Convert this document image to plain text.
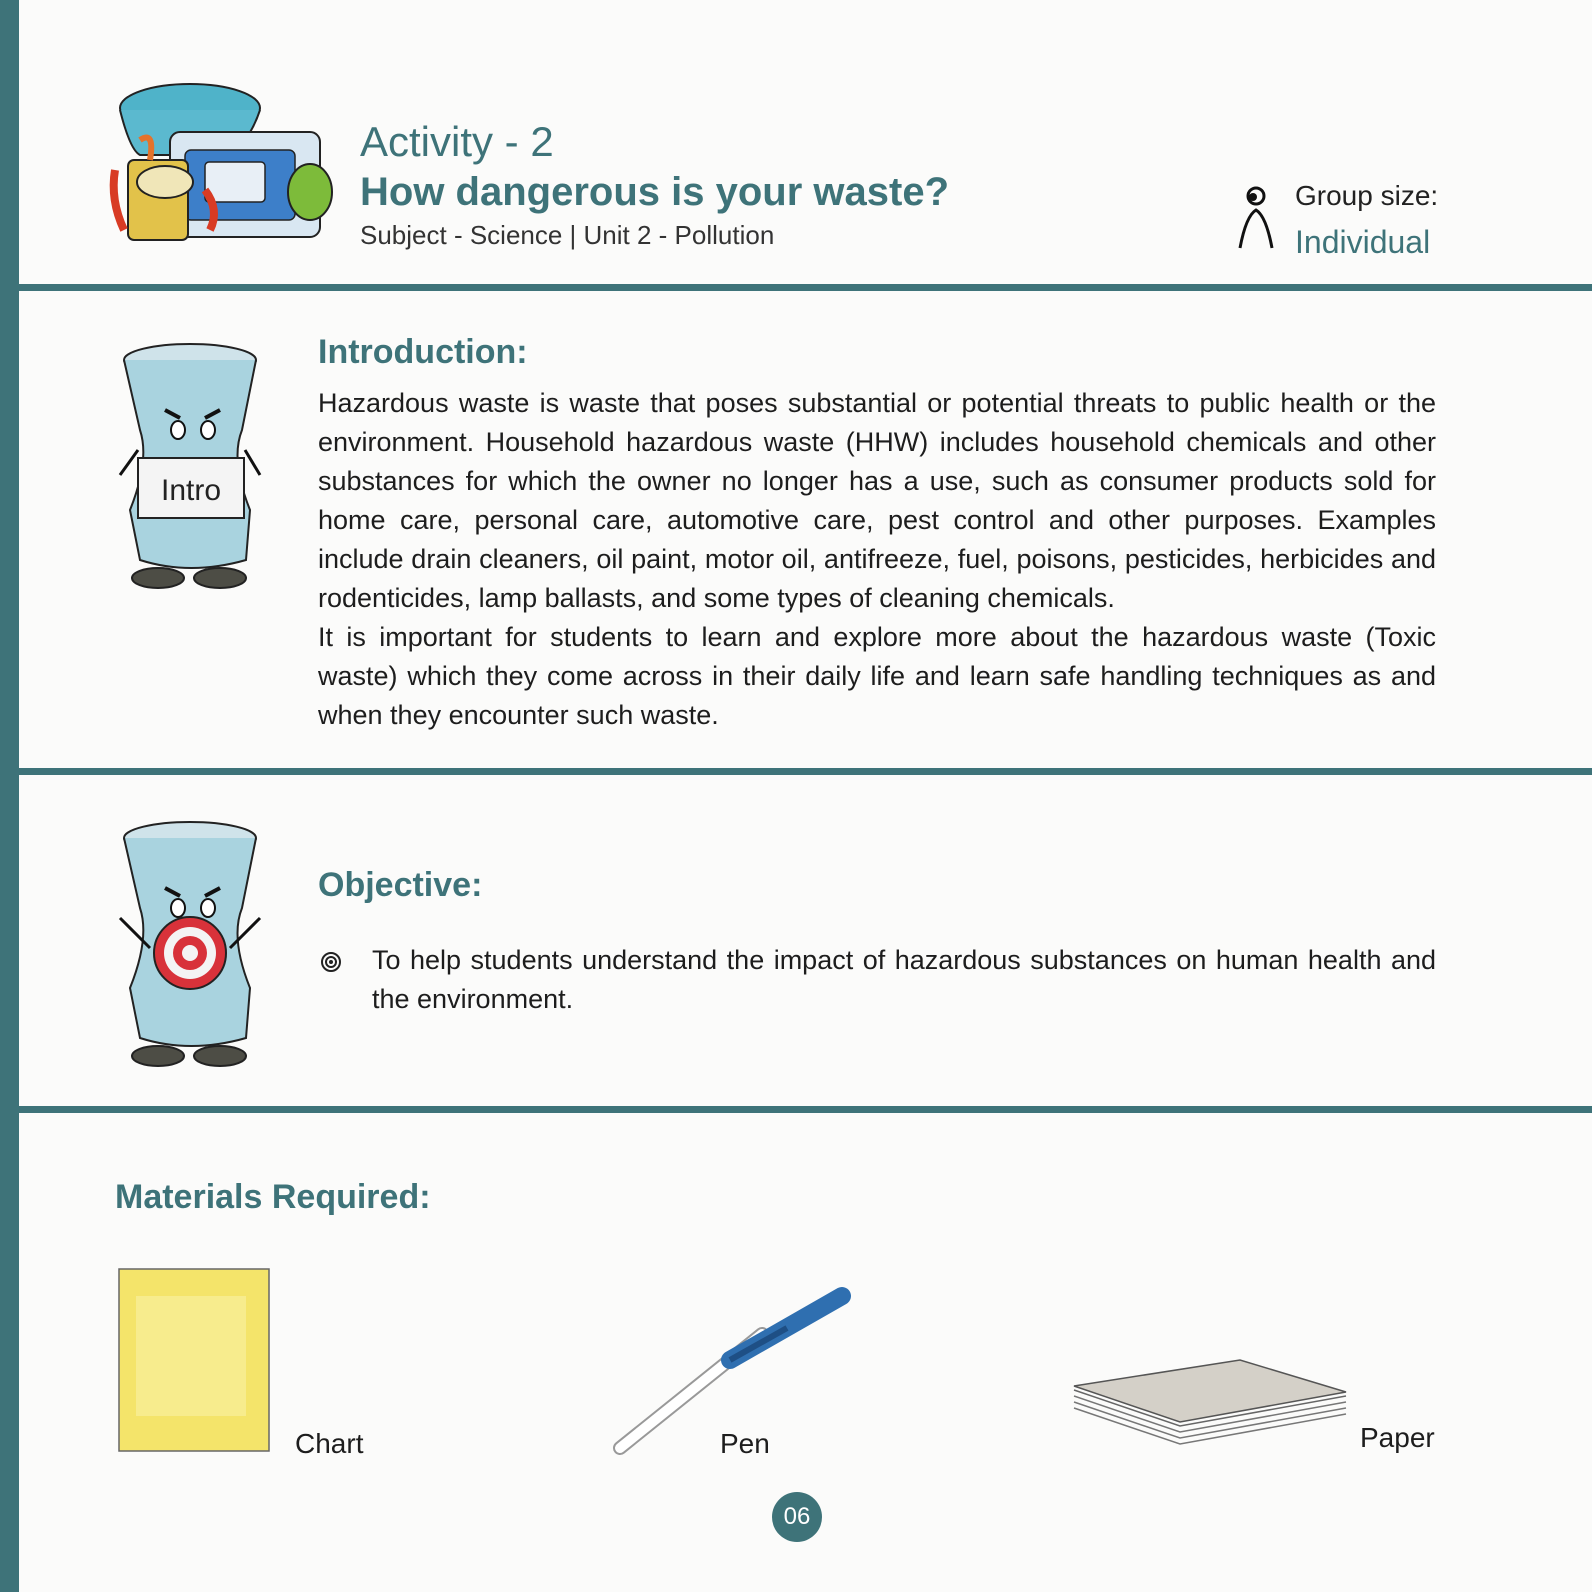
Activity - 2
How dangerous is your waste?
Subject - Science | Unit 2 - Pollution
Group size:
Individual
Intro
Introduction:
Hazardous waste is waste that poses substantial or potential threats to public health or the environment. Household hazardous waste (HHW) includes household chemicals and other substances for which the owner no longer has a use, such as consumer products sold for home care, personal care, automotive care, pest control and other purposes. Examples include drain cleaners, oil paint, motor oil, antifreeze, fuel, poisons, pesticides, herbicides and rodenticides, lamp ballasts, and some types of cleaning chemicals.
It is important for students to learn and explore more about the hazardous waste (Toxic waste) which they come across in their daily life and learn safe handling techniques as and when they encounter such waste.
Objective:
To help students understand the impact of hazardous substances on human health and the environment.
Materials Required:
Chart	Pen	Paper
06
